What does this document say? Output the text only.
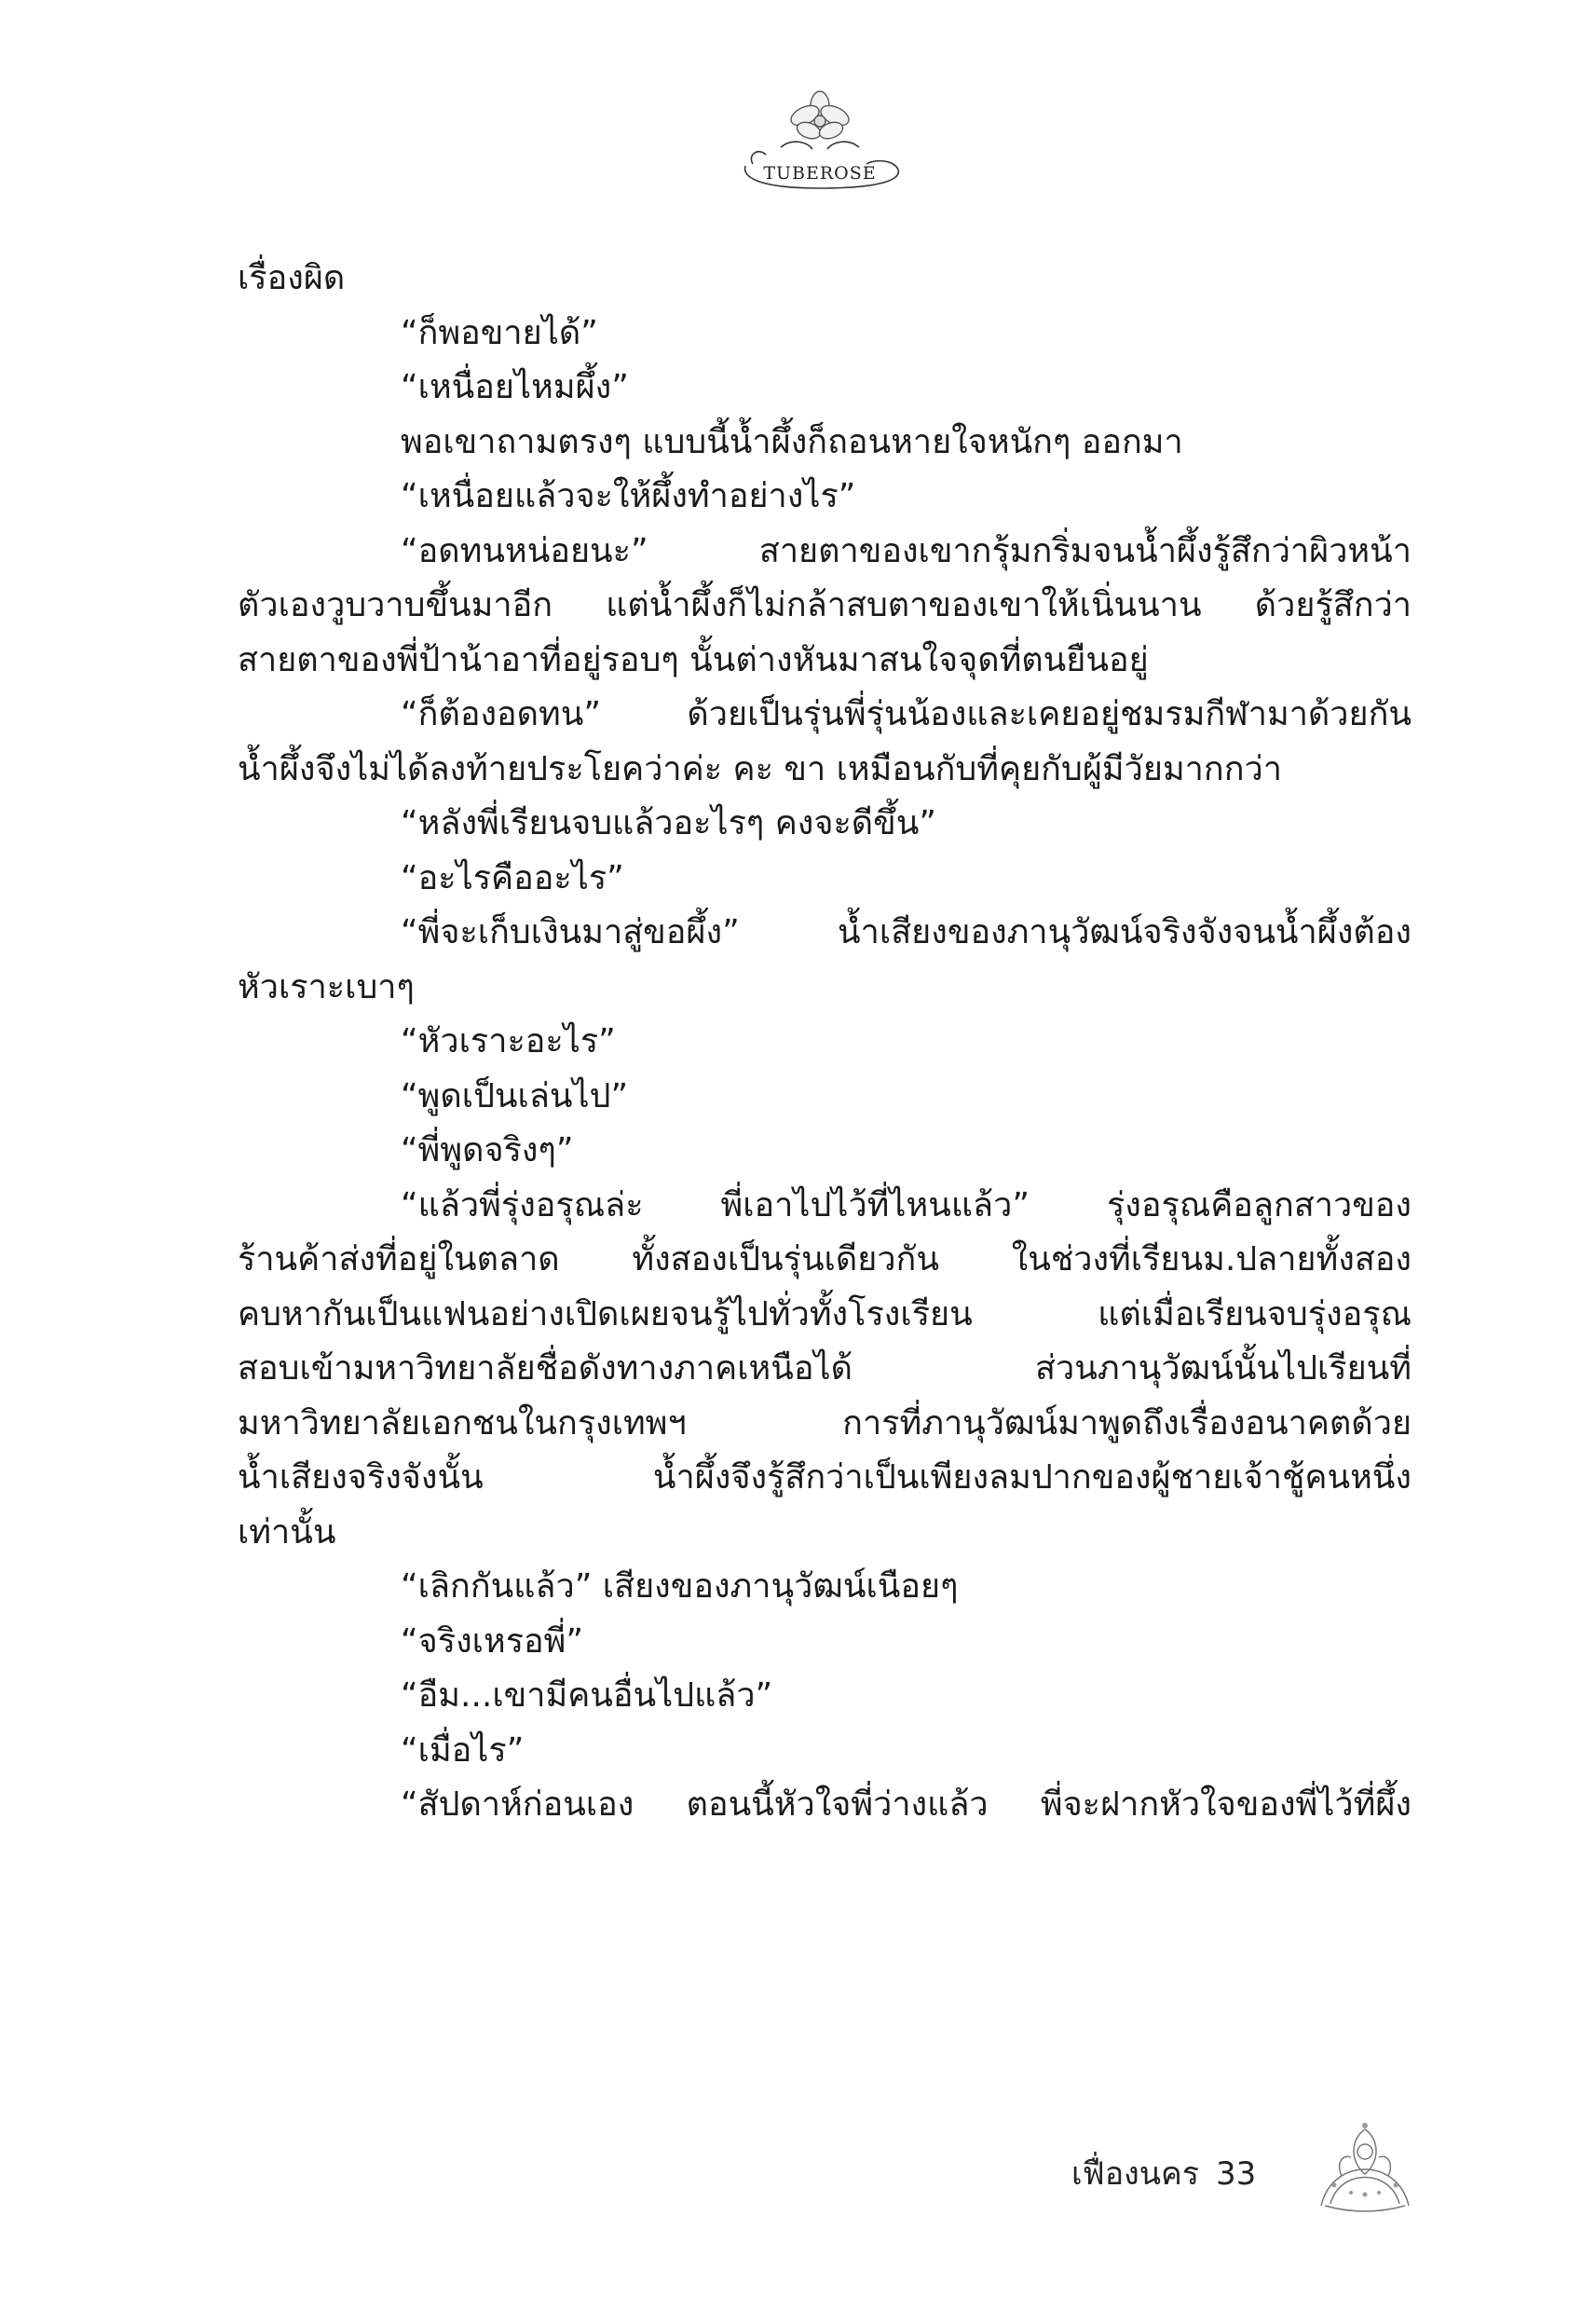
TUBEROSE
เรื่องผิด
“ก็พอขายได้”
“เหนื่อยไหมผึ้ง”
พอเขาถามตรงๆ แบบนี้น้ำผึ้งก็ถอนหายใจหนักๆ ออกมา
“เหนื่อยแล้วจะให้ผึ้งทำอย่างไร”
“อดทนหน่อยนะ” สายตาของเขากรุ้มกริ่มจนน้ำผึ้งรู้สึกว่าผิวหน้า
ตัวเองวูบวาบขึ้นมาอีก แต่น้ำผึ้งก็ไม่กล้าสบตาของเขาให้เนิ่นนาน ด้วยรู้สึกว่า
สายตาของพี่ป้าน้าอาที่อยู่รอบๆ นั้นต่างหันมาสนใจจุดที่ตนยืนอยู่
“ก็ต้องอดทน” ด้วยเป็นรุ่นพี่รุ่นน้องและเคยอยู่ชมรมกีฬามาด้วยกัน
น้ำผึ้งจึงไม่ได้ลงท้ายประโยคว่าค่ะ คะ ขา เหมือนกับที่คุยกับผู้มีวัยมากกว่า
“หลังพี่เรียนจบแล้วอะไรๆ คงจะดีขึ้น”
“อะไรคืออะไร”
“พี่จะเก็บเงินมาสู่ขอผึ้ง” น้ำเสียงของภานุวัฒน์จริงจังจนน้ำผึ้งต้อง
หัวเราะเบาๆ
“หัวเราะอะไร”
“พูดเป็นเล่นไป”
“พี่พูดจริงๆ”
“แล้วพี่รุ่งอรุณล่ะ พี่เอาไปไว้ที่ไหนแล้ว” รุ่งอรุณคือลูกสาวของ
ร้านค้าส่งที่อยู่ในตลาด ทั้งสองเป็นรุ่นเดียวกัน ในช่วงที่เรียนม.ปลายทั้งสอง
คบหากันเป็นแฟนอย่างเปิดเผยจนรู้ไปทั่วทั้งโรงเรียน แต่เมื่อเรียนจบรุ่งอรุณ
สอบเข้ามหาวิทยาลัยชื่อดังทางภาคเหนือได้ ส่วนภานุวัฒน์นั้นไปเรียนที่
มหาวิทยาลัยเอกชนในกรุงเทพฯ การที่ภานุวัฒน์มาพูดถึงเรื่องอนาคตด้วย
น้ำเสียงจริงจังนั้น น้ำผึ้งจึงรู้สึกว่าเป็นเพียงลมปากของผู้ชายเจ้าชู้คนหนึ่ง
เท่านั้น
“เลิกกันแล้ว” เสียงของภานุวัฒน์เนือยๆ
“จริงเหรอพี่”
“อืม...เขามีคนอื่นไปแล้ว”
“เมื่อไร”
“สัปดาห์ก่อนเอง ตอนนี้หัวใจพี่ว่างแล้ว พี่จะฝากหัวใจของพี่ไว้ที่ผึ้ง
เฟื่องนคร 33
